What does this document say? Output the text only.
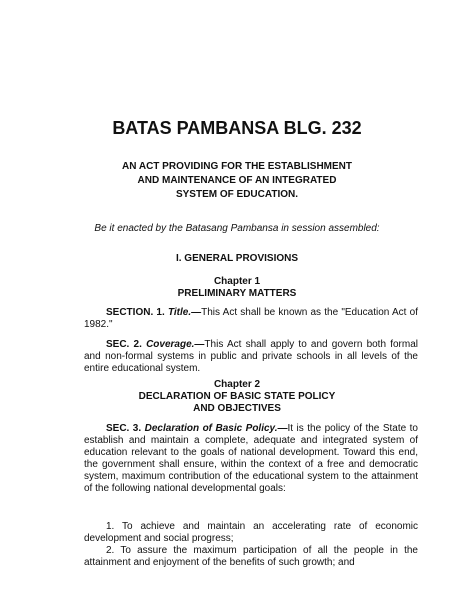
BATAS PAMBANSA BLG. 232
AN ACT PROVIDING FOR THE ESTABLISHMENT
AND MAINTENANCE OF AN INTEGRATED
SYSTEM OF EDUCATION.
Be it enacted by the Batasang Pambansa in session assembled:
I. GENERAL PROVISIONS
Chapter 1
PRELIMINARY MATTERS

SECTION. 1. Title.—This Act shall be known as the "Education Act of 1982."

SEC. 2. Coverage.—This Act shall apply to and govern both formal and non-formal systems in public and private schools in all levels of the entire educational system.

Chapter 2
DECLARATION OF BASIC STATE POLICY
AND OBJECTIVES

SEC. 3. Declaration of Basic Policy.—It is the policy of the State to establish and maintain a complete, adequate and integrated system of education relevant to the goals of national development. Toward this end, the government shall ensure, within the context of a free and democratic system, maximum contribution of the educational system to the attainment of the following national developmental goals:

1. To achieve and maintain an accelerating rate of economic development and social progress;

2. To assure the maximum participation of all the people in the attainment and enjoyment of the benefits of such growth; and
